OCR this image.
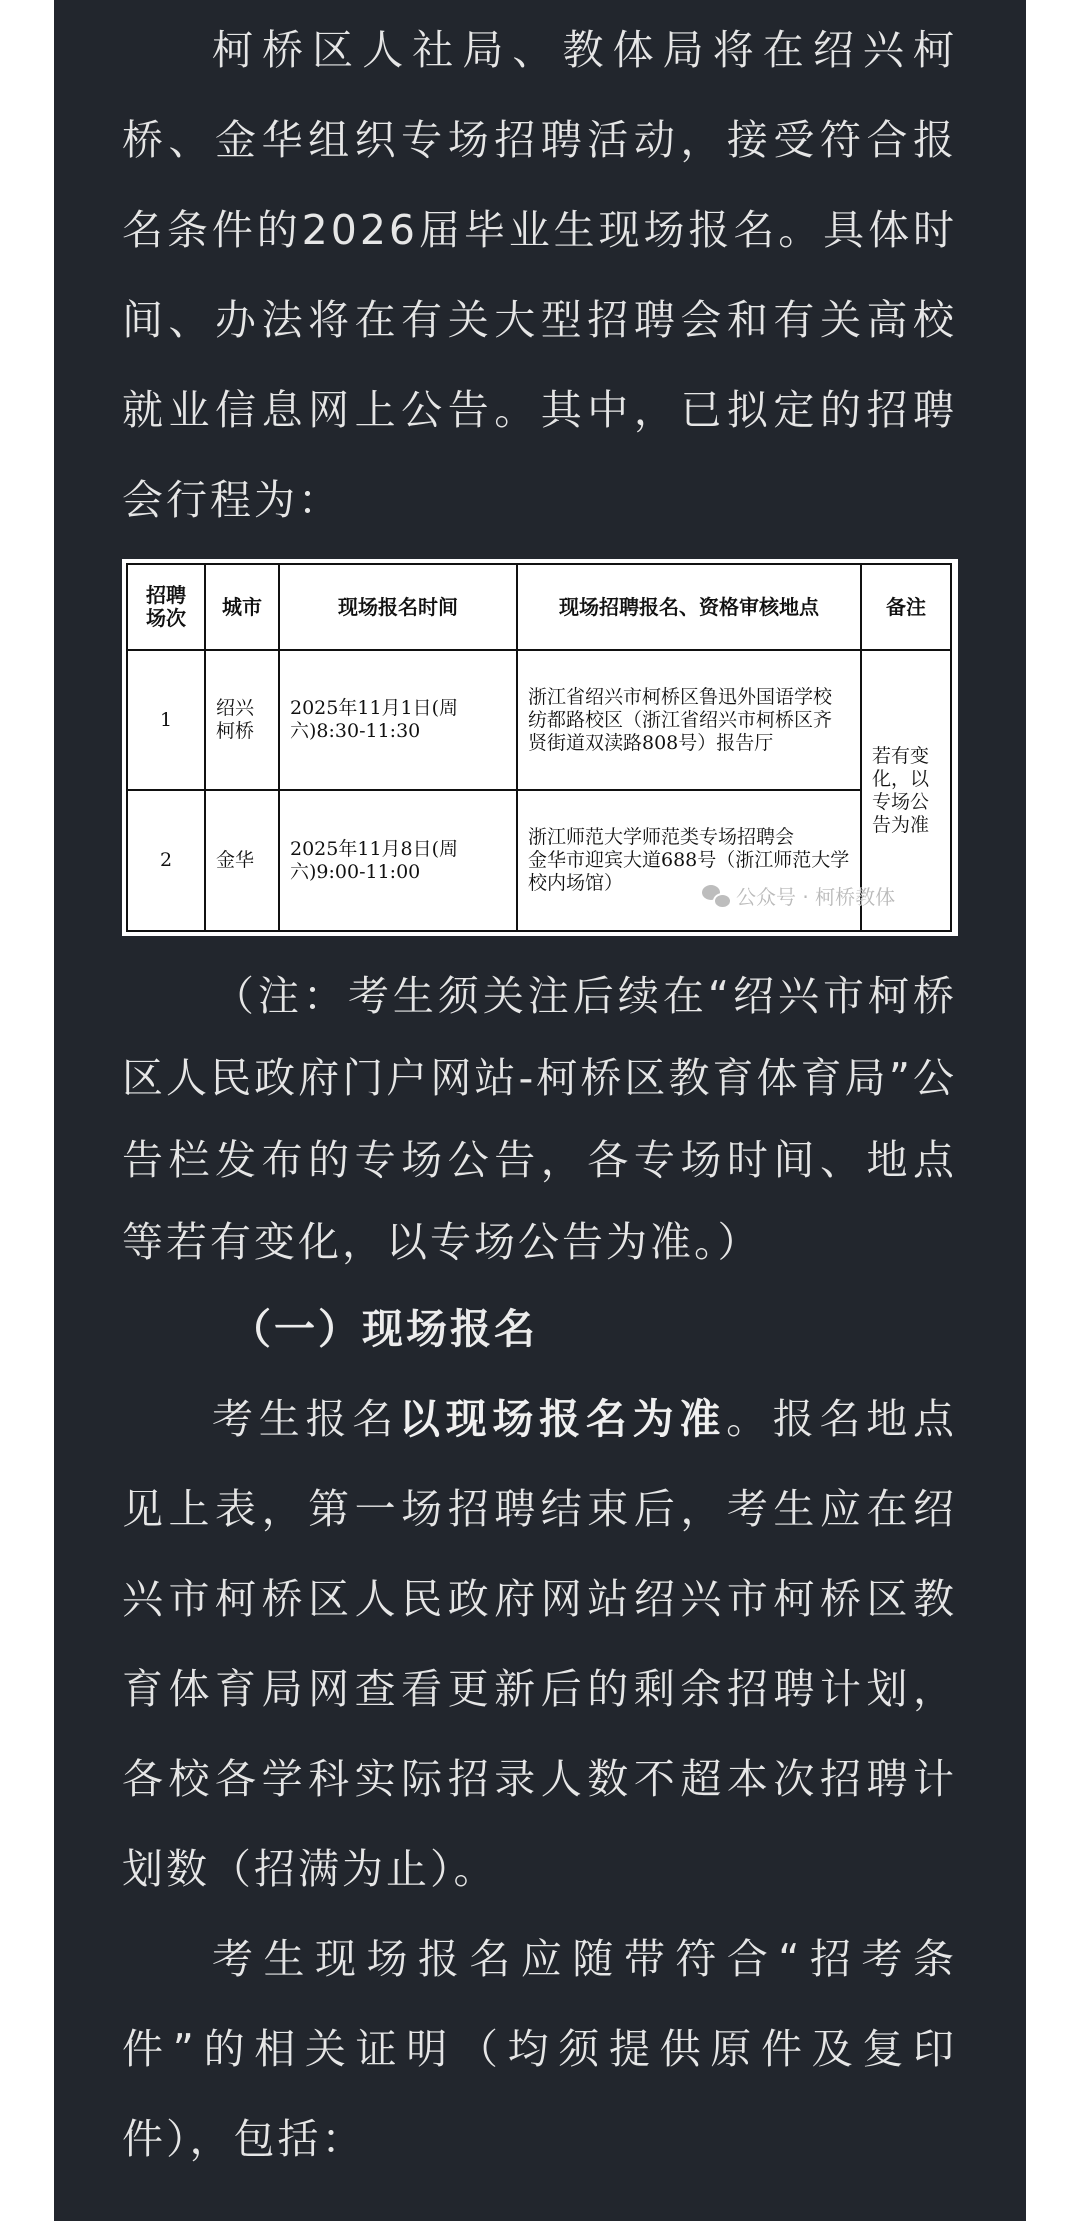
柯桥区人社局、教体局将在绍兴柯桥、金华组织专场招聘活动，接受符合报名条件的2026届毕业生现场报名。具体时间、办法将在有关大型招聘会和有关高校就业信息网上公告。其中，已拟定的招聘会行程为：
招聘场次	城市	现场报名时间	现场招聘报名、资格审核地点	备注
1	绍兴柯桥	2025年11月1日(周六)8:30-11:30	浙江省绍兴市柯桥区鲁迅外国语学校纺都路校区（浙江省绍兴市柯桥区齐贤街道双渎路808号）报告厅	若有变化，以专场公告为准
2	金华	2025年11月8日(周六)9:00-11:00	浙江师范大学师范类专场招聘会
金华市迎宾大道688号（浙江师范大学校内场馆）	
公众号 · 柯桥教体
（注：考生须关注后续在“绍兴市柯桥区人民政府门户网站-柯桥区教育体育局”公告栏发布的专场公告，各专场时间、地点等若有变化，以专场公告为准。）
（一）现场报名
考生报名以现场报名为准。报名地点见上表，第一场招聘结束后，考生应在绍兴市柯桥区人民政府网站绍兴市柯桥区教育体育局网查看更新后的剩余招聘计划，各校各学科实际招录人数不超本次招聘计划数（招满为止）。
考生现场报名应随带符合“招考条件”的相关证明（均须提供原件及复印件），包括：
